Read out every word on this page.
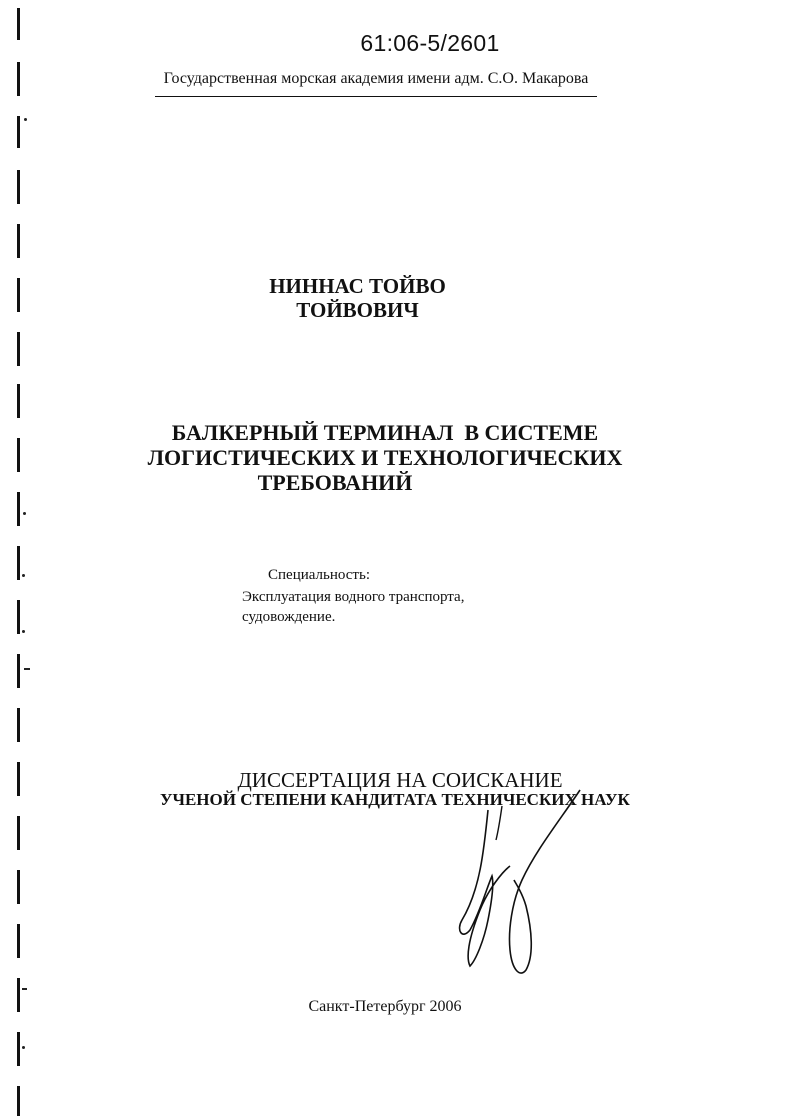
61:06-5/2601
Государственная морская академия имени адм. С.О. Макарова
НИННАС ТОЙВО
ТОЙВОВИЧ
БАЛКЕРНЫЙ ТЕРМИНАЛ  В СИСТЕМЕ
ЛОГИСТИЧЕСКИХ И ТЕХНОЛОГИЧЕСКИХ
ТРЕБОВАНИЙ
Специальность:
Эксплуатация водного транспорта,
судовождение.
ДИССЕРТАЦИЯ НА СОИСКАНИЕ
УЧЕНОЙ СТЕПЕНИ КАНДИТАТА ТЕХНИЧЕСКИХ НАУК
Санкт-Петербург 2006
